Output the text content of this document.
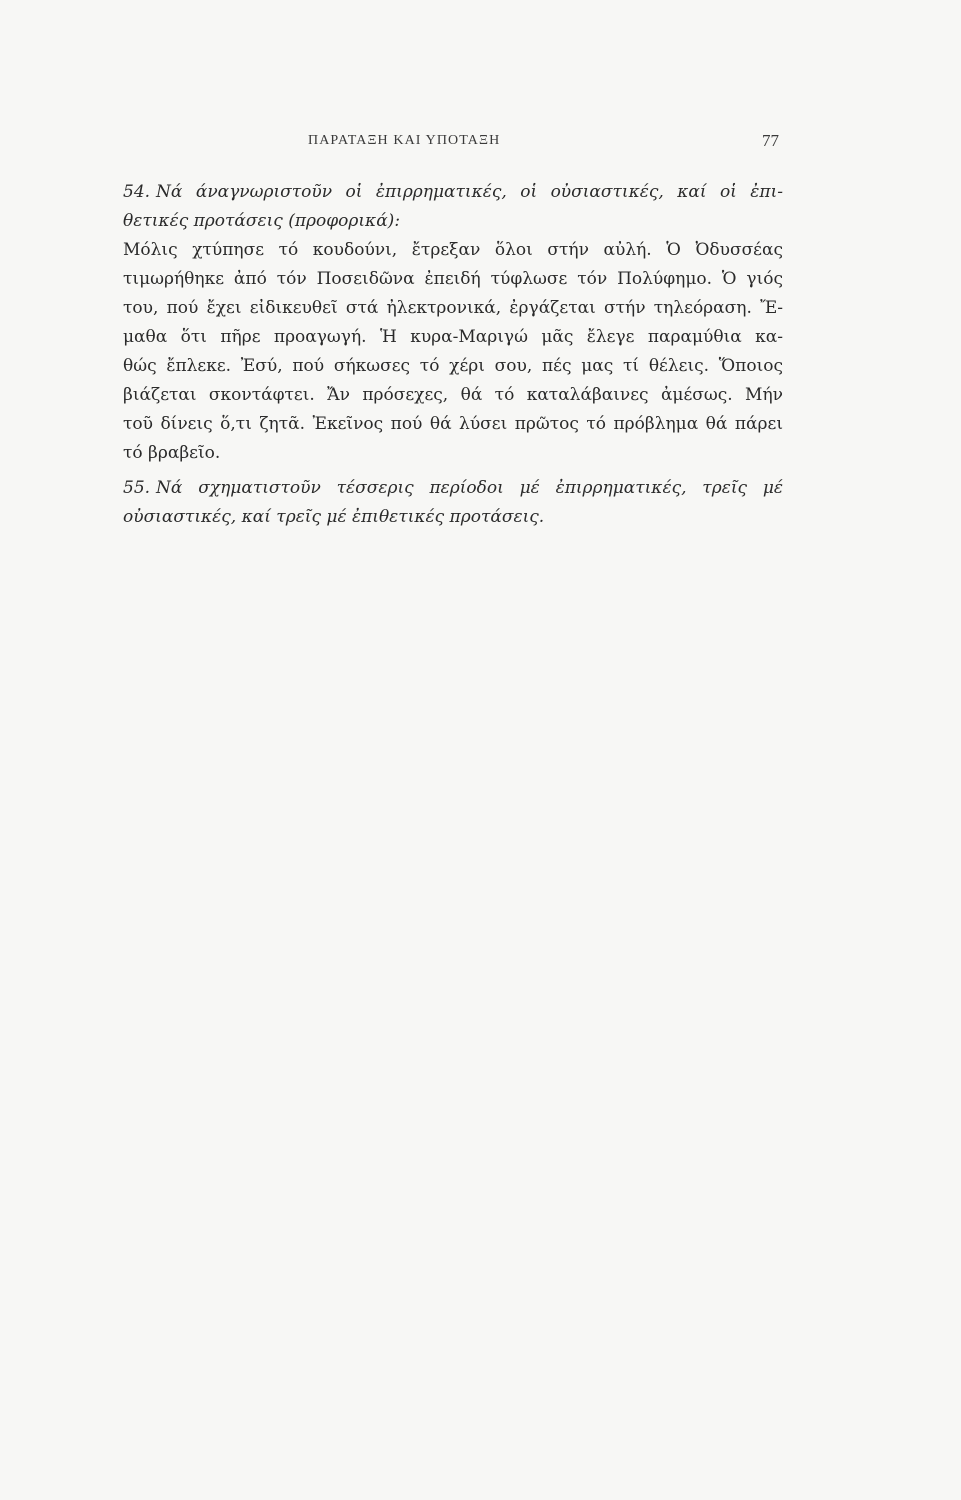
ΠΑΡΑΤΑΞΗ ΚΑΙ ΥΠΟΤΑΞΗ	77
54. Νά άναγνωριστοῦν οἱ ἐπιρρηματικές, οἱ οὐσιαστικές, καί οἱ ἐπι-
θετικές προτάσεις (προφορικά):
Μόλις χτύπησε τό κουδούνι, ἔτρεξαν ὅλοι στήν αὐλή. Ὁ Ὀδυσσέας
τιμωρήθηκε ἀπό τόν Ποσειδῶνα ἐπειδή τύφλωσε τόν Πολύφημο. Ὁ γιός
του, πού ἔχει εἰδικευθεῖ στά ἠλεκτρονικά, ἐργάζεται στήν τηλεόραση. Ἔ-
μαθα ὅτι πῆρε προαγωγή. Ἡ κυρα-Μαριγώ μᾶς ἔλεγε παραμύθια κα-
θώς ἔπλεκε. Ἐσύ, πού σήκωσες τό χέρι σου, πές μας τί θέλεις. Ὅποιος
βιάζεται σκοντάφτει. Ἄν πρόσεχες, θά τό καταλάβαινες ἀμέσως. Μήν
τοῦ δίνεις ὅ,τι ζητᾶ. Ἐκεῖνος πού θά λύσει πρῶτος τό πρόβλημα θά πάρει
τό βραβεῖο.
55. Νά σχηματιστοῦν τέσσερις περίοδοι μέ ἐπιρρηματικές, τρεῖς μέ
οὐσιαστικές, καί τρεῖς μέ ἐπιθετικές προτάσεις.
